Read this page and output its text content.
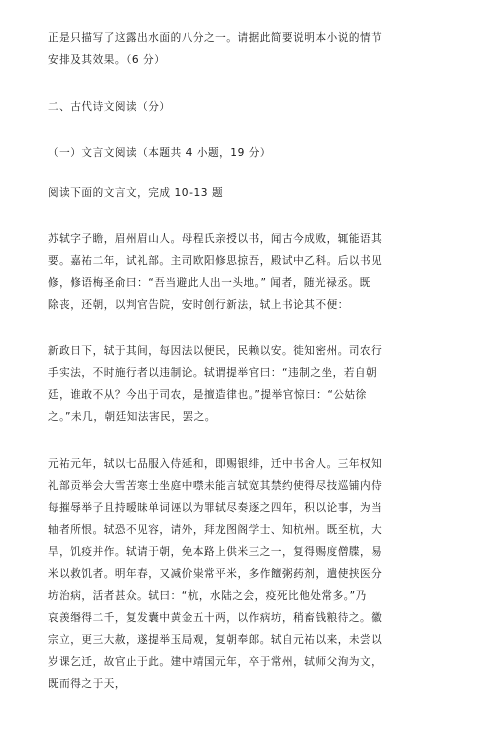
正是只描写了这露出水面的八分之一。请据此简要说明本小说的情节
安排及其效果。（6 分）
二、古代诗文阅读（分）
（一）文言文阅读（本题共 4 小题，19 分）
阅读下面的文言文，完成 10-13 题
苏轼字子瞻，眉州眉山人。母程氏亲授以书，闻古今成败，辄能语其
要。嘉祐二年，试礼部。主司欧阳修思掠吾，殿试中乙科。后以书见
修，修语梅圣俞曰：“吾当避此人出一头地。” 闻者，随光禄丞。既
除丧，还朝，以判官告院，安时创行新法，轼上书论其不便：
新政日下，轼于其间，每因法以便民，民赖以安。徙知密州。司农行
手实法，不时施行者以违制论。轼谓提举官曰：“违制之坐，若自朝
廷，谁敢不从？今出于司农，是擅造律也。”提举官惊曰：“公姑徐
之。”未几，朝廷知法害民，罢之。
元祐元年，轼以七品服入侍延和，即赐银绯，迁中书舍人。三年权知
礼部贡举会大雪苦寒士坐庭中噤未能言轼宽其禁约使得尽技巡铺内侍
每摧辱举子且持暧昧单词诬以为罪轼尽奏逐之四年，积以论事，为当
轴者所恨。轼恐不见容，请外，拜龙图阁学士、知杭州。既至杭，大
旱，饥疫并作。轼请于朝，免本路上供米三之一，复得赐度僧牒，易
米以救饥者。明年春，又减价粜常平米，多作饘粥药剂，遣使挟医分
坊治病，活者甚众。轼曰：“杭，水陆之会，疫死比他处常多。”乃
哀羡缗得二千，复发囊中黄金五十两，以作病坊，稍畜钱粮待之。徽
宗立，更三大赦，遂提举玉局观，复朝奉郎。轼自元祐以来，未尝以
岁课乞迁，故官止于此。建中靖国元年，卒于常州，轼师父洵为文，
既而得之于天，
